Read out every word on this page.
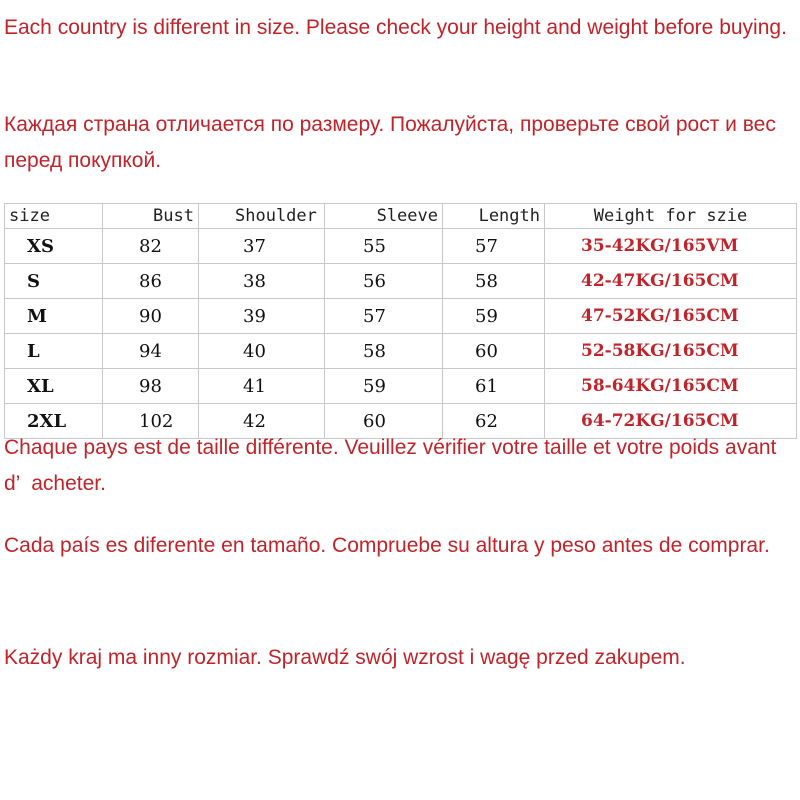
Each country is different in size. Please check your height and weight before buying.

Каждая страна отличается по размеру. Пожалуйста, проверьте свой рост и вес перед покупкой.

size	Bust	Shoulder	Sleeve	Length	Weight for szie
XS	82	37	55	57	35-42KG/165VM
S	86	38	56	58	42-47KG/165CM
M	90	39	57	59	47-52KG/165CM
L	94	40	58	60	52-58KG/165CM
XL	98	41	59	61	58-64KG/165CM
2XL	102	42	60	62	64-72KG/165CM

Chaque pays est de taille différente. Veuillez vérifier votre taille et votre poids avant d’  acheter.

Cada país es diferente en tamaño. Compruebe su altura y peso antes de comprar.

Każdy kraj ma inny rozmiar. Sprawdź swój wzrost i wagę przed zakupem.
